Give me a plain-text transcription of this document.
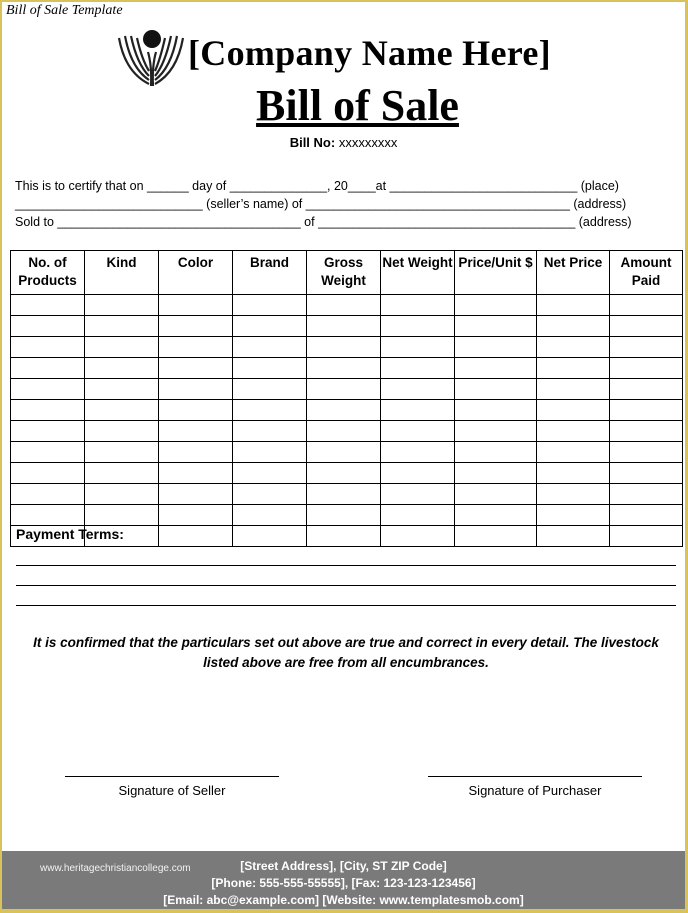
Bill of Sale Template
[Company Name Here]
Bill of Sale
Bill No: xxxxxxxxx
This is to certify that on ______ day of ______________, 20____at ___________________________ (place)
___________________________ (seller’s name) of ______________________________________ (address)
Sold to ___________________________________ of _____________________________________ (address)
No. of Products	Kind	Color	Brand	Gross Weight	Net Weight	Price/Unit $	Net Price	Amount Paid

Payment Terms:
It is confirmed that the particulars set out above are true and correct in every detail. The livestock listed above are free from all encumbrances.
Signature of Seller	Signature of Purchaser
www.heritagechristiancollege.com	[Street Address], [City, ST ZIP Code]
[Phone: 555-555-55555], [Fax: 123-123-123456]
[Email: abc@example.com] [Website: www.templatesmob.com]
